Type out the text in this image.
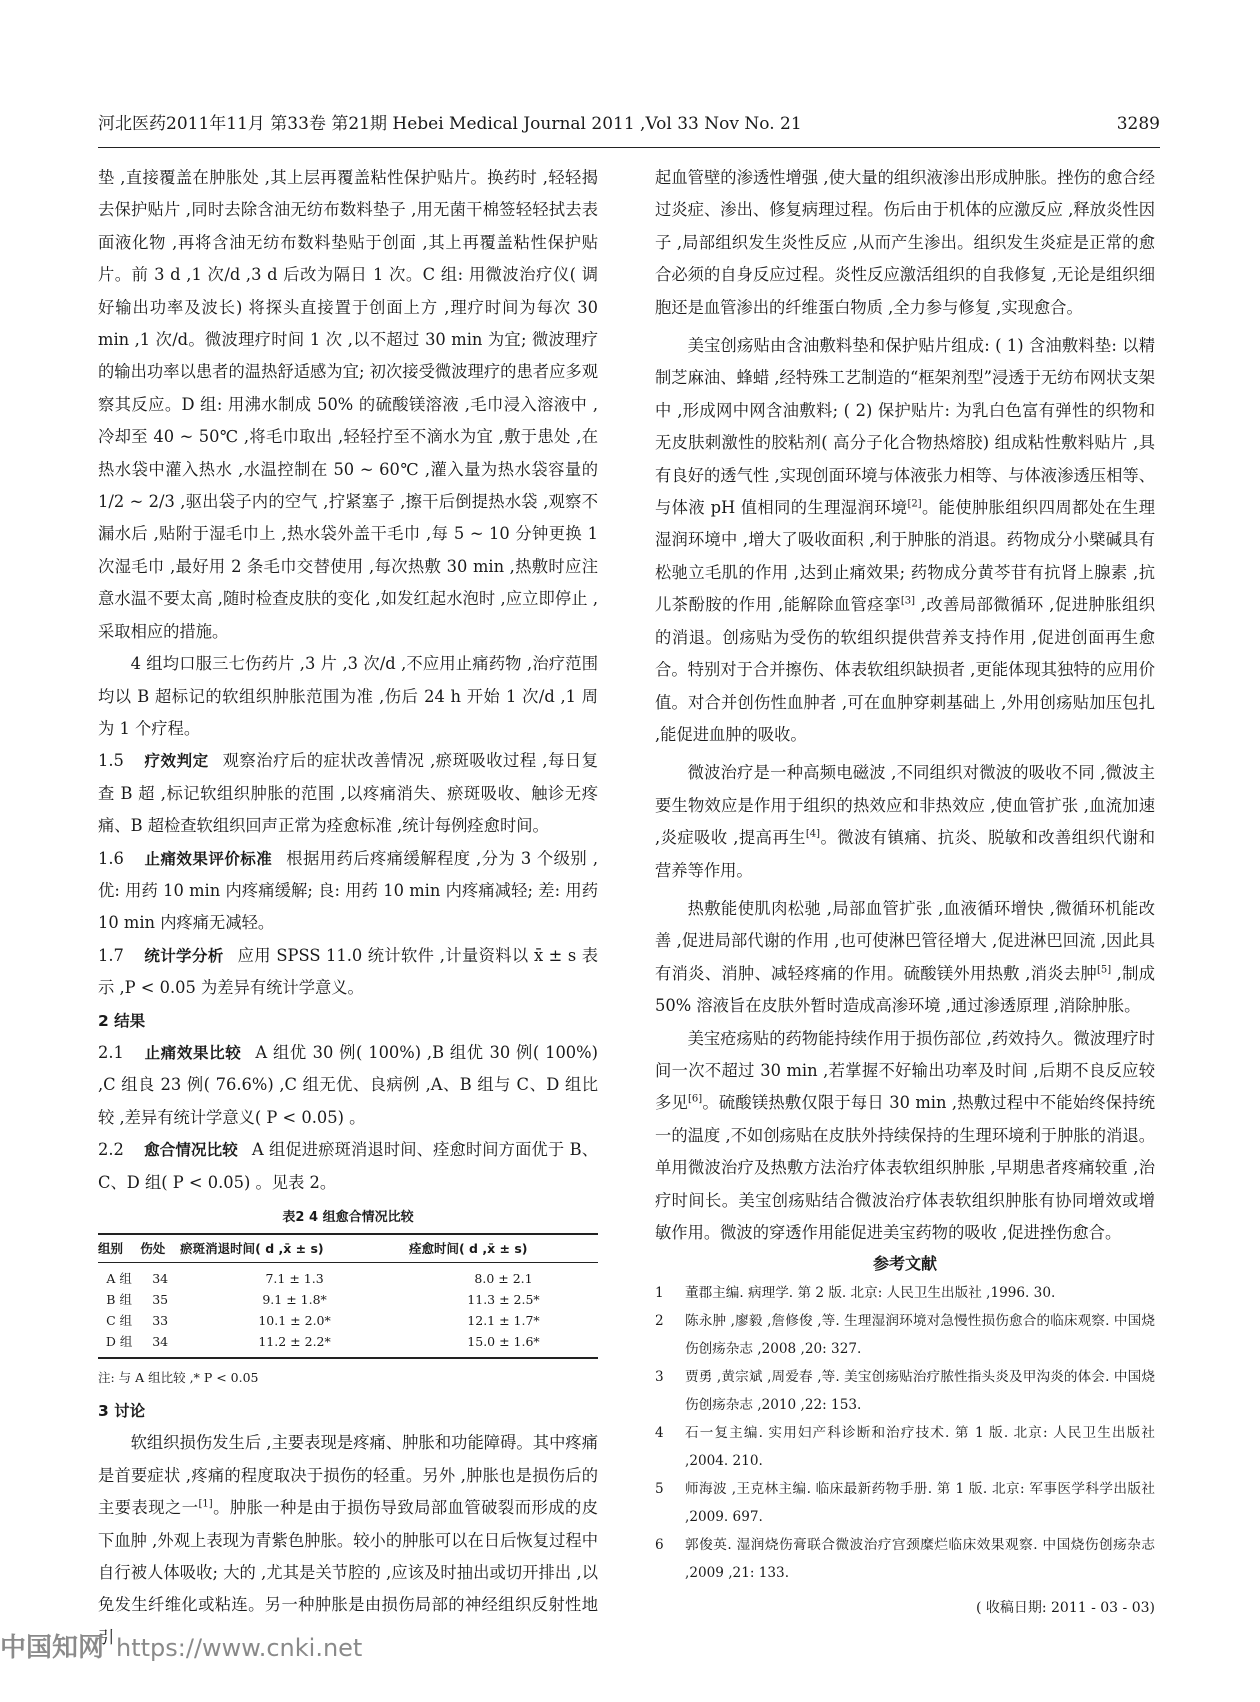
河北医药2011年11月 第33卷 第21期 Hebei Medical Journal 2011 ,Vol 33 Nov No. 21	3289

垫 ,直接覆盖在肿胀处 ,其上层再覆盖粘性保护贴片。换药时 ,轻轻揭去保护贴片 ,同时去除含油无纺布数料垫子 ,用无菌干棉签轻轻拭去表面液化物 ,再将含油无纺布数料垫贴于创面 ,其上再覆盖粘性保护贴片。前 3 d ,1 次/d ,3 d 后改为隔日 1 次。C 组: 用微波治疗仪( 调好输出功率及波长) 将探头直接置于创面上方 ,理疗时间为每次 30 min ,1 次/d。微波理疗时间 1 次 ,以不超过 30 min 为宜; 微波理疗的输出功率以患者的温热舒适感为宜; 初次接受微波理疗的患者应多观察其反应。D 组: 用沸水制成 50% 的硫酸镁溶液 ,毛巾浸入溶液中 ,冷却至 40 ~ 50℃ ,将毛巾取出 ,轻轻拧至不滴水为宜 ,敷于患处 ,在热水袋中灌入热水 ,水温控制在 50 ~ 60℃ ,灌入量为热水袋容量的 1/2 ~ 2/3 ,驱出袋子内的空气 ,拧紧塞子 ,擦干后倒提热水袋 ,观察不漏水后 ,贴附于湿毛巾上 ,热水袋外盖干毛巾 ,每 5 ~ 10 分钟更换 1 次湿毛巾 ,最好用 2 条毛巾交替使用 ,每次热敷 30 min ,热敷时应注意水温不要太高 ,随时检查皮肤的变化 ,如发红起水泡时 ,应立即停止 ,采取相应的措施。

4 组均口服三七伤药片 ,3 片 ,3 次/d ,不应用止痛药物 ,治疗范围均以 B 超标记的软组织肿胀范围为准 ,伤后 24 h 开始 1 次/d ,1 周为 1 个疗程。

1.5 疗效判定 观察治疗后的症状改善情况 ,瘀斑吸收过程 ,每日复查 B 超 ,标记软组织肿胀的范围 ,以疼痛消失、瘀斑吸收、触诊无疼痛、B 超检查软组织回声正常为痊愈标准 ,统计每例痊愈时间。

1.6 止痛效果评价标准 根据用药后疼痛缓解程度 ,分为 3 个级别 ,优: 用药 10 min 内疼痛缓解; 良: 用药 10 min 内疼痛减轻; 差: 用药 10 min 内疼痛无减轻。

1.7 统计学分析 应用 SPSS 11.0 统计软件 ,计量资料以 x̄ ± s 表示 ,P < 0.05 为差异有统计学意义。

2 结果

2.1 止痛效果比较 A 组优 30 例( 100%) ,B 组优 30 例( 100%) ,C 组良 23 例( 76.6%) ,C 组无优、良病例 ,A、B 组与 C、D 组比较 ,差异有统计学意义( P < 0.05) 。

2.2 愈合情况比较 A 组促进瘀斑消退时间、痊愈时间方面优于 B、C、D 组( P < 0.05) 。见表 2。

表2 4 组愈合情况比较
组别	伤处	瘀斑消退时间( d ,x̄ ± s)	痊愈时间( d ,x̄ ± s)
A 组	34	7.1 ± 1.3	8.0 ± 2.1
B 组	35	9.1 ± 1.8*	11.3 ± 2.5*
C 组	33	10.1 ± 2.0*	12.1 ± 1.7*
D 组	34	11.2 ± 2.2*	15.0 ± 1.6*
注: 与 A 组比较 ,* P < 0.05

3 讨论

软组织损伤发生后 ,主要表现是疼痛、肿胀和功能障碍。其中疼痛是首要症状 ,疼痛的程度取决于损伤的轻重。另外 ,肿胀也是损伤后的主要表现之一[1]。肿胀一种是由于损伤导致局部血管破裂而形成的皮下血肿 ,外观上表现为青紫色肿胀。较小的肿胀可以在日后恢复过程中自行被人体吸收; 大的 ,尤其是关节腔的 ,应该及时抽出或切开排出 ,以免发生纤维化或粘连。另一种肿胀是由损伤局部的神经组织反射性地引

起血管壁的渗透性增强 ,使大量的组织液渗出形成肿胀。挫伤的愈合经过炎症、渗出、修复病理过程。伤后由于机体的应激反应 ,释放炎性因子 ,局部组织发生炎性反应 ,从而产生渗出。组织发生炎症是正常的愈合必须的自身反应过程。炎性反应激活组织的自我修复 ,无论是组织细胞还是血管渗出的纤维蛋白物质 ,全力参与修复 ,实现愈合。

美宝创疡贴由含油敷料垫和保护贴片组成: ( 1) 含油敷料垫: 以精制芝麻油、蜂蜡 ,经特殊工艺制造的“框架剂型”浸透于无纺布网状支架中 ,形成网中网含油敷料; ( 2) 保护贴片: 为乳白色富有弹性的织物和无皮肤刺激性的胶粘剂( 高分子化合物热熔胶) 组成粘性敷料贴片 ,具有良好的透气性 ,实现创面环境与体液张力相等、与体液渗透压相等、与体液 pH 值相同的生理湿润环境[2]。能使肿胀组织四周都处在生理湿润环境中 ,增大了吸收面积 ,利于肿胀的消退。药物成分小檗碱具有松驰立毛肌的作用 ,达到止痛效果; 药物成分黄芩苷有抗肾上腺素 ,抗儿茶酚胺的作用 ,能解除血管痉挛[3] ,改善局部微循环 ,促进肿胀组织的消退。创疡贴为受伤的软组织提供营养支持作用 ,促进创面再生愈合。特别对于合并擦伤、体表软组织缺损者 ,更能体现其独特的应用价值。对合并创伤性血肿者 ,可在血肿穿刺基础上 ,外用创疡贴加压包扎 ,能促进血肿的吸收。

微波治疗是一种高频电磁波 ,不同组织对微波的吸收不同 ,微波主要生物效应是作用于组织的热效应和非热效应 ,使血管扩张 ,血流加速 ,炎症吸收 ,提高再生[4]。微波有镇痛、抗炎、脱敏和改善组织代谢和营养等作用。

热敷能使肌肉松驰 ,局部血管扩张 ,血液循环增快 ,微循环机能改善 ,促进局部代谢的作用 ,也可使淋巴管径增大 ,促进淋巴回流 ,因此具有消炎、消肿、减轻疼痛的作用。硫酸镁外用热敷 ,消炎去肿[5] ,制成 50% 溶液旨在皮肤外暂时造成高渗环境 ,通过渗透原理 ,消除肿胀。

美宝疮疡贴的药物能持续作用于损伤部位 ,药效持久。微波理疗时间一次不超过 30 min ,若掌握不好输出功率及时间 ,后期不良反应较多见[6]。硫酸镁热敷仅限于每日 30 min ,热敷过程中不能始终保持统一的温度 ,不如创疡贴在皮肤外持续保持的生理环境利于肿胀的消退。单用微波治疗及热敷方法治疗体表软组织肿胀 ,早期患者疼痛较重 ,治疗时间长。美宝创疡贴结合微波治疗体表软组织肿胀有协同增效或增敏作用。微波的穿透作用能促进美宝药物的吸收 ,促进挫伤愈合。

参考文献
1 董郡主编. 病理学. 第 2 版. 北京: 人民卫生出版社 ,1996. 30.
2 陈永肿 ,廖毅 ,詹修俊 ,等. 生理湿润环境对急慢性损伤愈合的临床观察. 中国烧伤创疡杂志 ,2008 ,20: 327.
3 贾勇 ,黄宗斌 ,周爱春 ,等. 美宝创疡贴治疗脓性指头炎及甲沟炎的体会. 中国烧伤创疡杂志 ,2010 ,22: 153.
4 石一复主编. 实用妇产科诊断和治疗技术. 第 1 版. 北京: 人民卫生出版社 ,2004. 210.
5 师海波 ,王克林主编. 临床最新药物手册. 第 1 版. 北京: 军事医学科学出版社 ,2009. 697.
6 郭俊英. 湿润烧伤膏联合微波治疗宫颈糜烂临床效果观察. 中国烧伤创疡杂志 ,2009 ,21: 133.
( 收稿日期: 2011 - 03 - 03)
中国知网 https://www.cnki.net
